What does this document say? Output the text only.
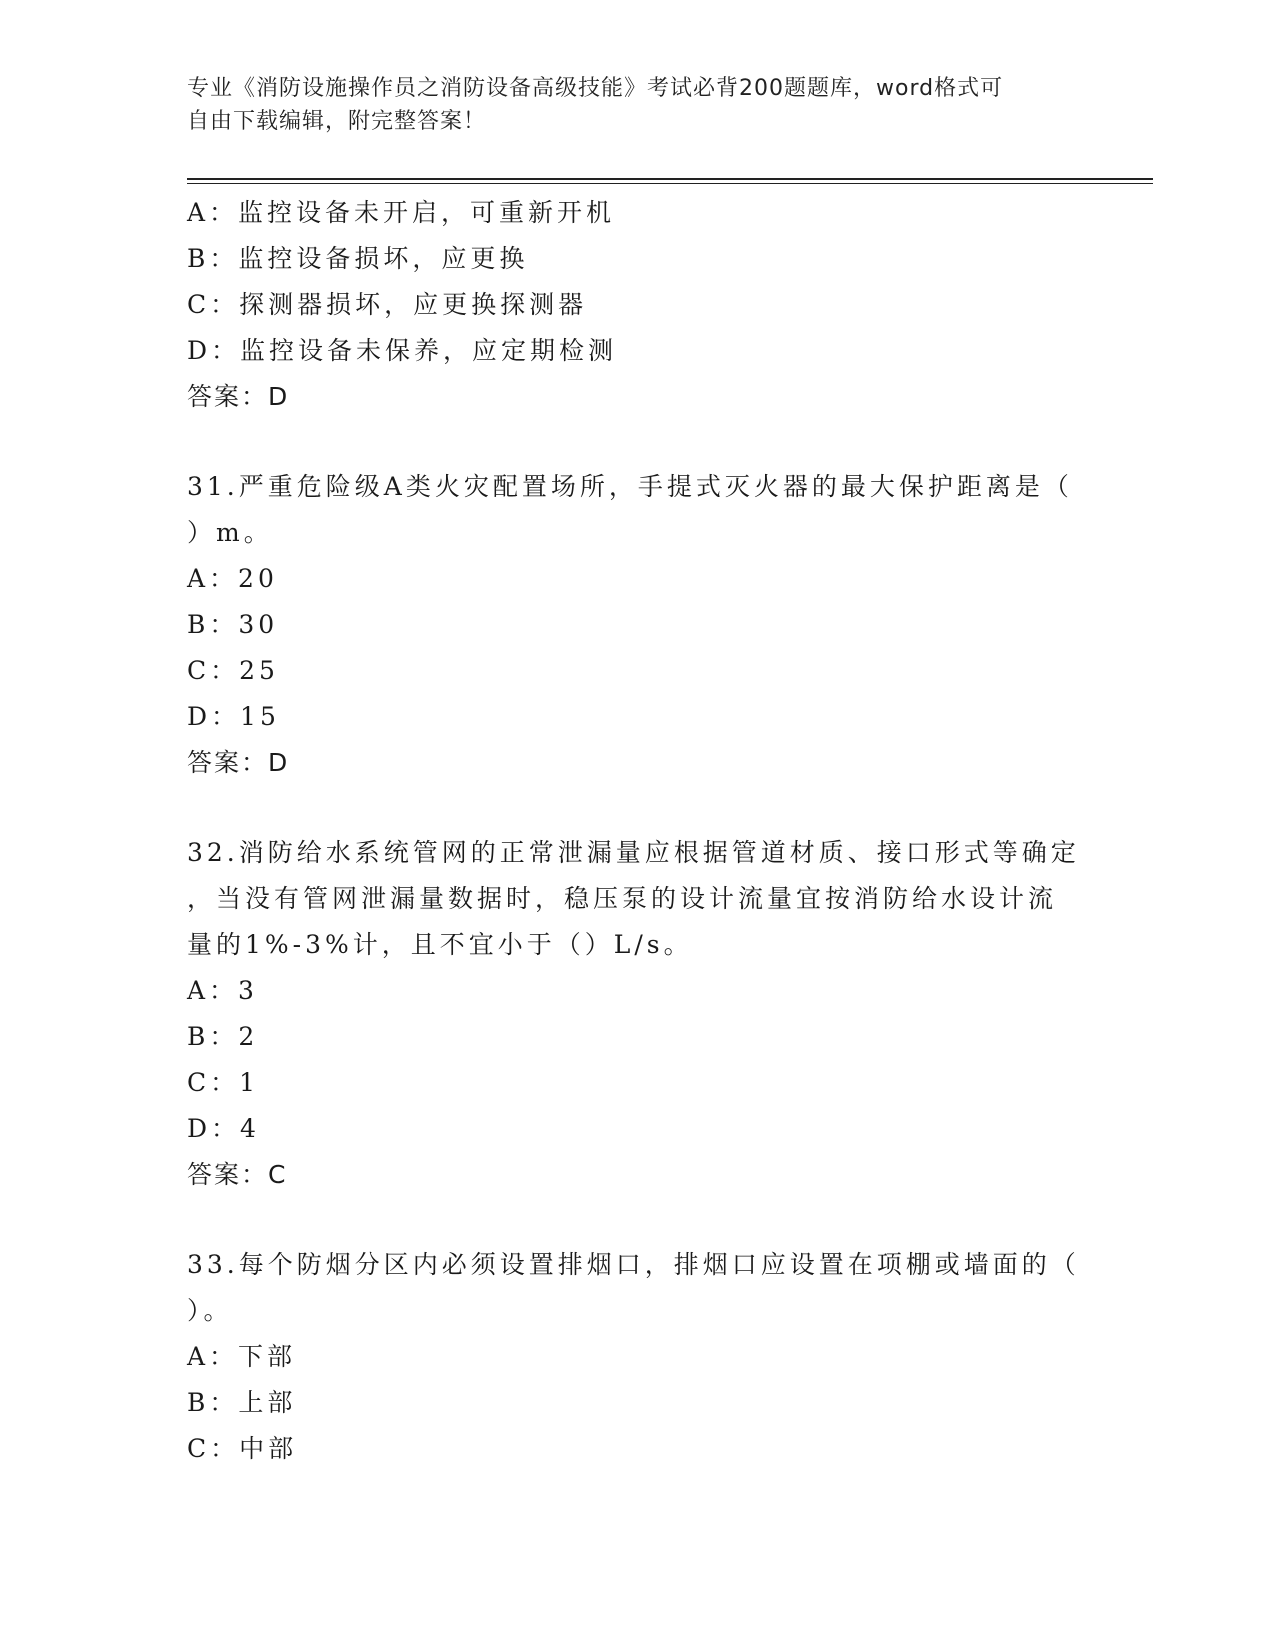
专业《消防设施操作员之消防设备高级技能》考试必背200题题库，word格式可
自由下载编辑，附完整答案！
A：监控设备未开启，可重新开机
B：监控设备损坏，应更换
C：探测器损坏，应更换探测器
D：监控设备未保养，应定期检测
答案：D
31.严重危险级A类火灾配置场所，手提式灭火器的最大保护距离是（
）m。
A：20
B：30
C：25
D：15
答案：D
32.消防给水系统管网的正常泄漏量应根据管道材质、接口形式等确定
，当没有管网泄漏量数据时，稳压泵的设计流量宜按消防给水设计流
量的1%-3%计，且不宜小于（）L/s。
A：3
B：2
C：1
D：4
答案：C
33.每个防烟分区内必须设置排烟口，排烟口应设置在项棚或墙面的（
）。
A：下部
B：上部
C：中部
